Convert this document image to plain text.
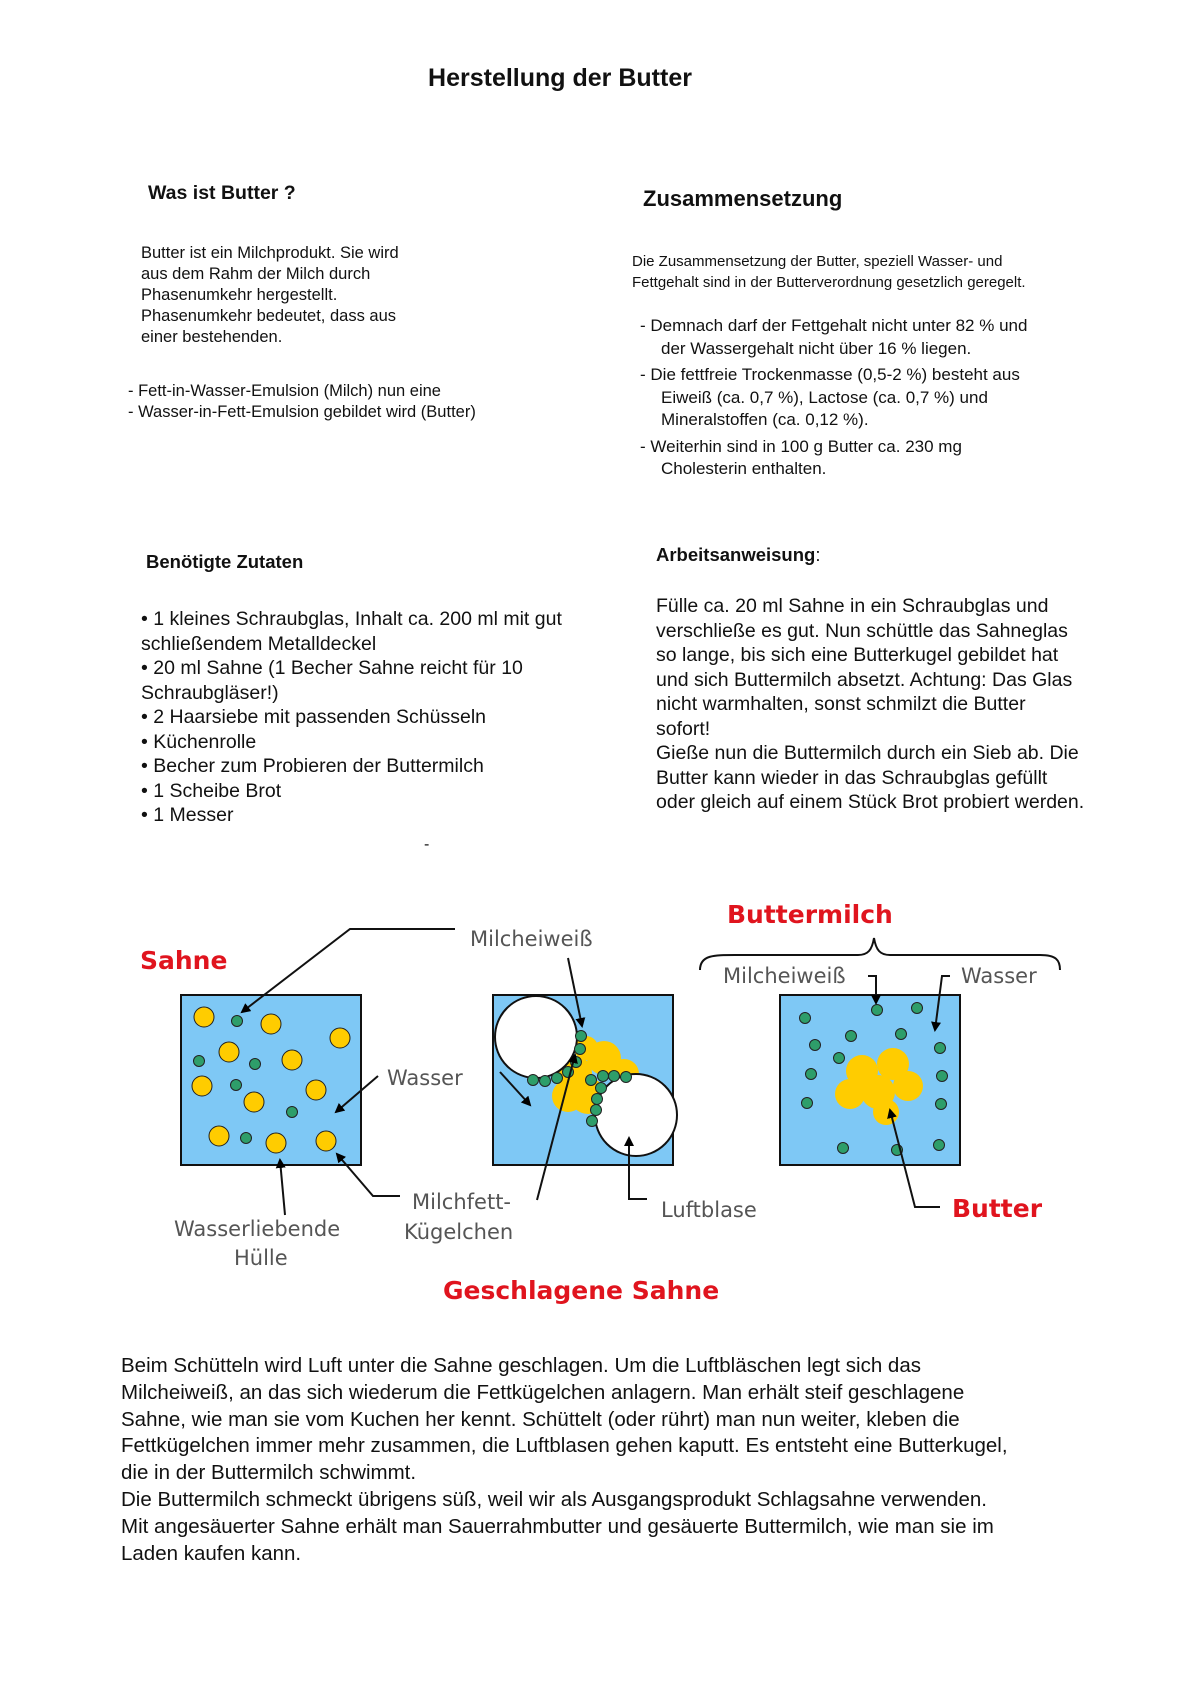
Herstellung der Butter
Was ist Butter ?
Butter ist ein Milchprodukt. Sie wird
aus dem Rahm der Milch durch
Phasenumkehr hergestellt.
Phasenumkehr bedeutet, dass aus
einer bestehenden.
- Fett-in-Wasser-Emulsion (Milch) nun eine
- Wasser-in-Fett-Emulsion gebildet wird (Butter)
Zusammensetzung
Die Zusammensetzung der Butter, speziell Wasser- und
Fettgehalt sind in der Butterverordnung gesetzlich geregelt.
- Demnach darf der Fettgehalt nicht unter 82 % und
der Wassergehalt nicht über 16 % liegen.
- Die fettfreie Trockenmasse (0,5-2 %) besteht aus
Eiweiß (ca. 0,7 %), Lactose (ca. 0,7 %) und
Mineralstoffen (ca. 0,12 %).
- Weiterhin sind in 100 g Butter ca. 230 mg
Cholesterin enthalten.
Benötigte Zutaten
• 1 kleines Schraubglas, Inhalt ca. 200 ml mit gut
schließendem Metalldeckel
• 20 ml Sahne (1 Becher Sahne reicht für 10
Schraubgläser!)
• 2 Haarsiebe mit passenden Schüsseln
• Küchenrolle
• Becher zum Probieren der Buttermilch
• 1 Scheibe Brot
• 1 Messer
-
Arbeitsanweisung:
Fülle ca. 20 ml Sahne in ein Schraubglas und
verschließe es gut. Nun schüttle das Sahneglas
so lange, bis sich eine Butterkugel gebildet hat
und sich Buttermilch absetzt. Achtung: Das Glas
nicht warmhalten, sonst schmilzt die Butter
sofort!
Gieße nun die Buttermilch durch ein Sieb ab. Die
Butter kann wieder in das Schraubglas gefüllt
oder gleich auf einem Stück Brot probiert werden.
Sahne
Buttermilch
Milcheiweiß
Milcheiweiß	Wasser
Wasser
Wasserliebende
Hülle
Milchfett-
Kügelchen
Luftblase	Butter
Geschlagene Sahne
Beim Schütteln wird Luft unter die Sahne geschlagen. Um die Luftbläschen legt sich das
Milcheiweiß, an das sich wiederum die Fettkügelchen anlagern. Man erhält steif geschlagene
Sahne, wie man sie vom Kuchen her kennt. Schüttelt (oder rührt) man nun weiter, kleben die
Fettkügelchen immer mehr zusammen, die Luftblasen gehen kaputt. Es entsteht eine Butterkugel,
die in der Buttermilch schwimmt.
Die Buttermilch schmeckt übrigens süß, weil wir als Ausgangsprodukt Schlagsahne verwenden.
Mit angesäuerter Sahne erhält man Sauerrahmbutter und gesäuerte Buttermilch, wie man sie im
Laden kaufen kann.
